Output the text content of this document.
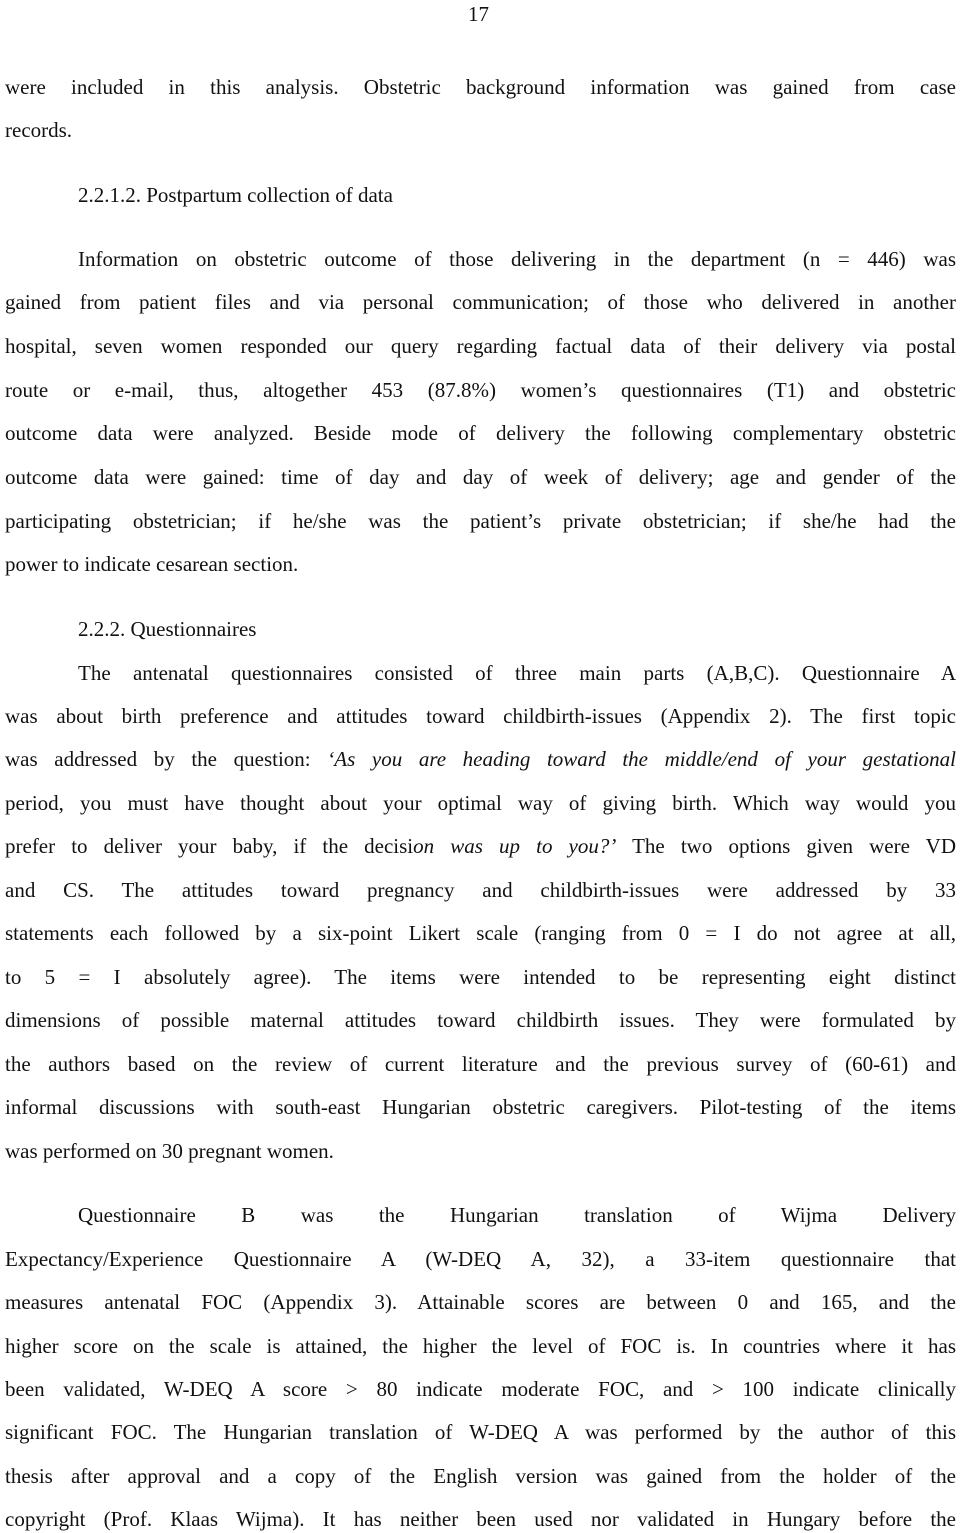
17
were included in this analysis. Obstetric background information was gained from case
records.
2.2.1.2. Postpartum collection of data
Information on obstetric outcome of those delivering in the department (n = 446) was
gained from patient files and via personal communication; of those who delivered in another
hospital, seven women responded our query regarding factual data of their delivery via postal
route or e-mail, thus, altogether 453 (87.8%) women’s questionnaires (T1) and obstetric
outcome data were analyzed. Beside mode of delivery the following complementary obstetric
outcome data were gained: time of day and day of week of delivery; age and gender of the
participating obstetrician; if he/she was the patient’s private obstetrician; if she/he had the
power to indicate cesarean section.
2.2.2. Questionnaires
The antenatal questionnaires consisted of three main parts (A,B,C). Questionnaire A
was about birth preference and attitudes toward childbirth-issues (Appendix 2). The first topic
was addressed by the question: ‘As you are heading toward the middle/end of your gestational
period, you must have thought about your optimal way of giving birth. Which way would you
prefer to deliver your baby, if the decision was up to you?’ The two options given were VD
and CS. The attitudes toward pregnancy and childbirth-issues were addressed by 33
statements each followed by a six-point Likert scale (ranging from 0 = I do not agree at all,
to 5 = I absolutely agree). The items were intended to be representing eight distinct
dimensions of possible maternal attitudes toward childbirth issues. They were formulated by
the authors based on the review of current literature and the previous survey of (60-61) and
informal discussions with south-east Hungarian obstetric caregivers. Pilot-testing of the items
was performed on 30 pregnant women.
Questionnaire B was the Hungarian translation of Wijma Delivery
Expectancy/Experience Questionnaire A (W-DEQ A, 32), a 33-item questionnaire that
measures antenatal FOC (Appendix 3). Attainable scores are between 0 and 165, and the
higher score on the scale is attained, the higher the level of FOC is. In countries where it has
been validated, W-DEQ A score > 80 indicate moderate FOC, and > 100 indicate clinically
significant FOC. The Hungarian translation of W-DEQ A was performed by the author of this
thesis after approval and a copy of the English version was gained from the holder of the
copyright (Prof. Klaas Wijma). It has neither been used nor validated in Hungary before the
